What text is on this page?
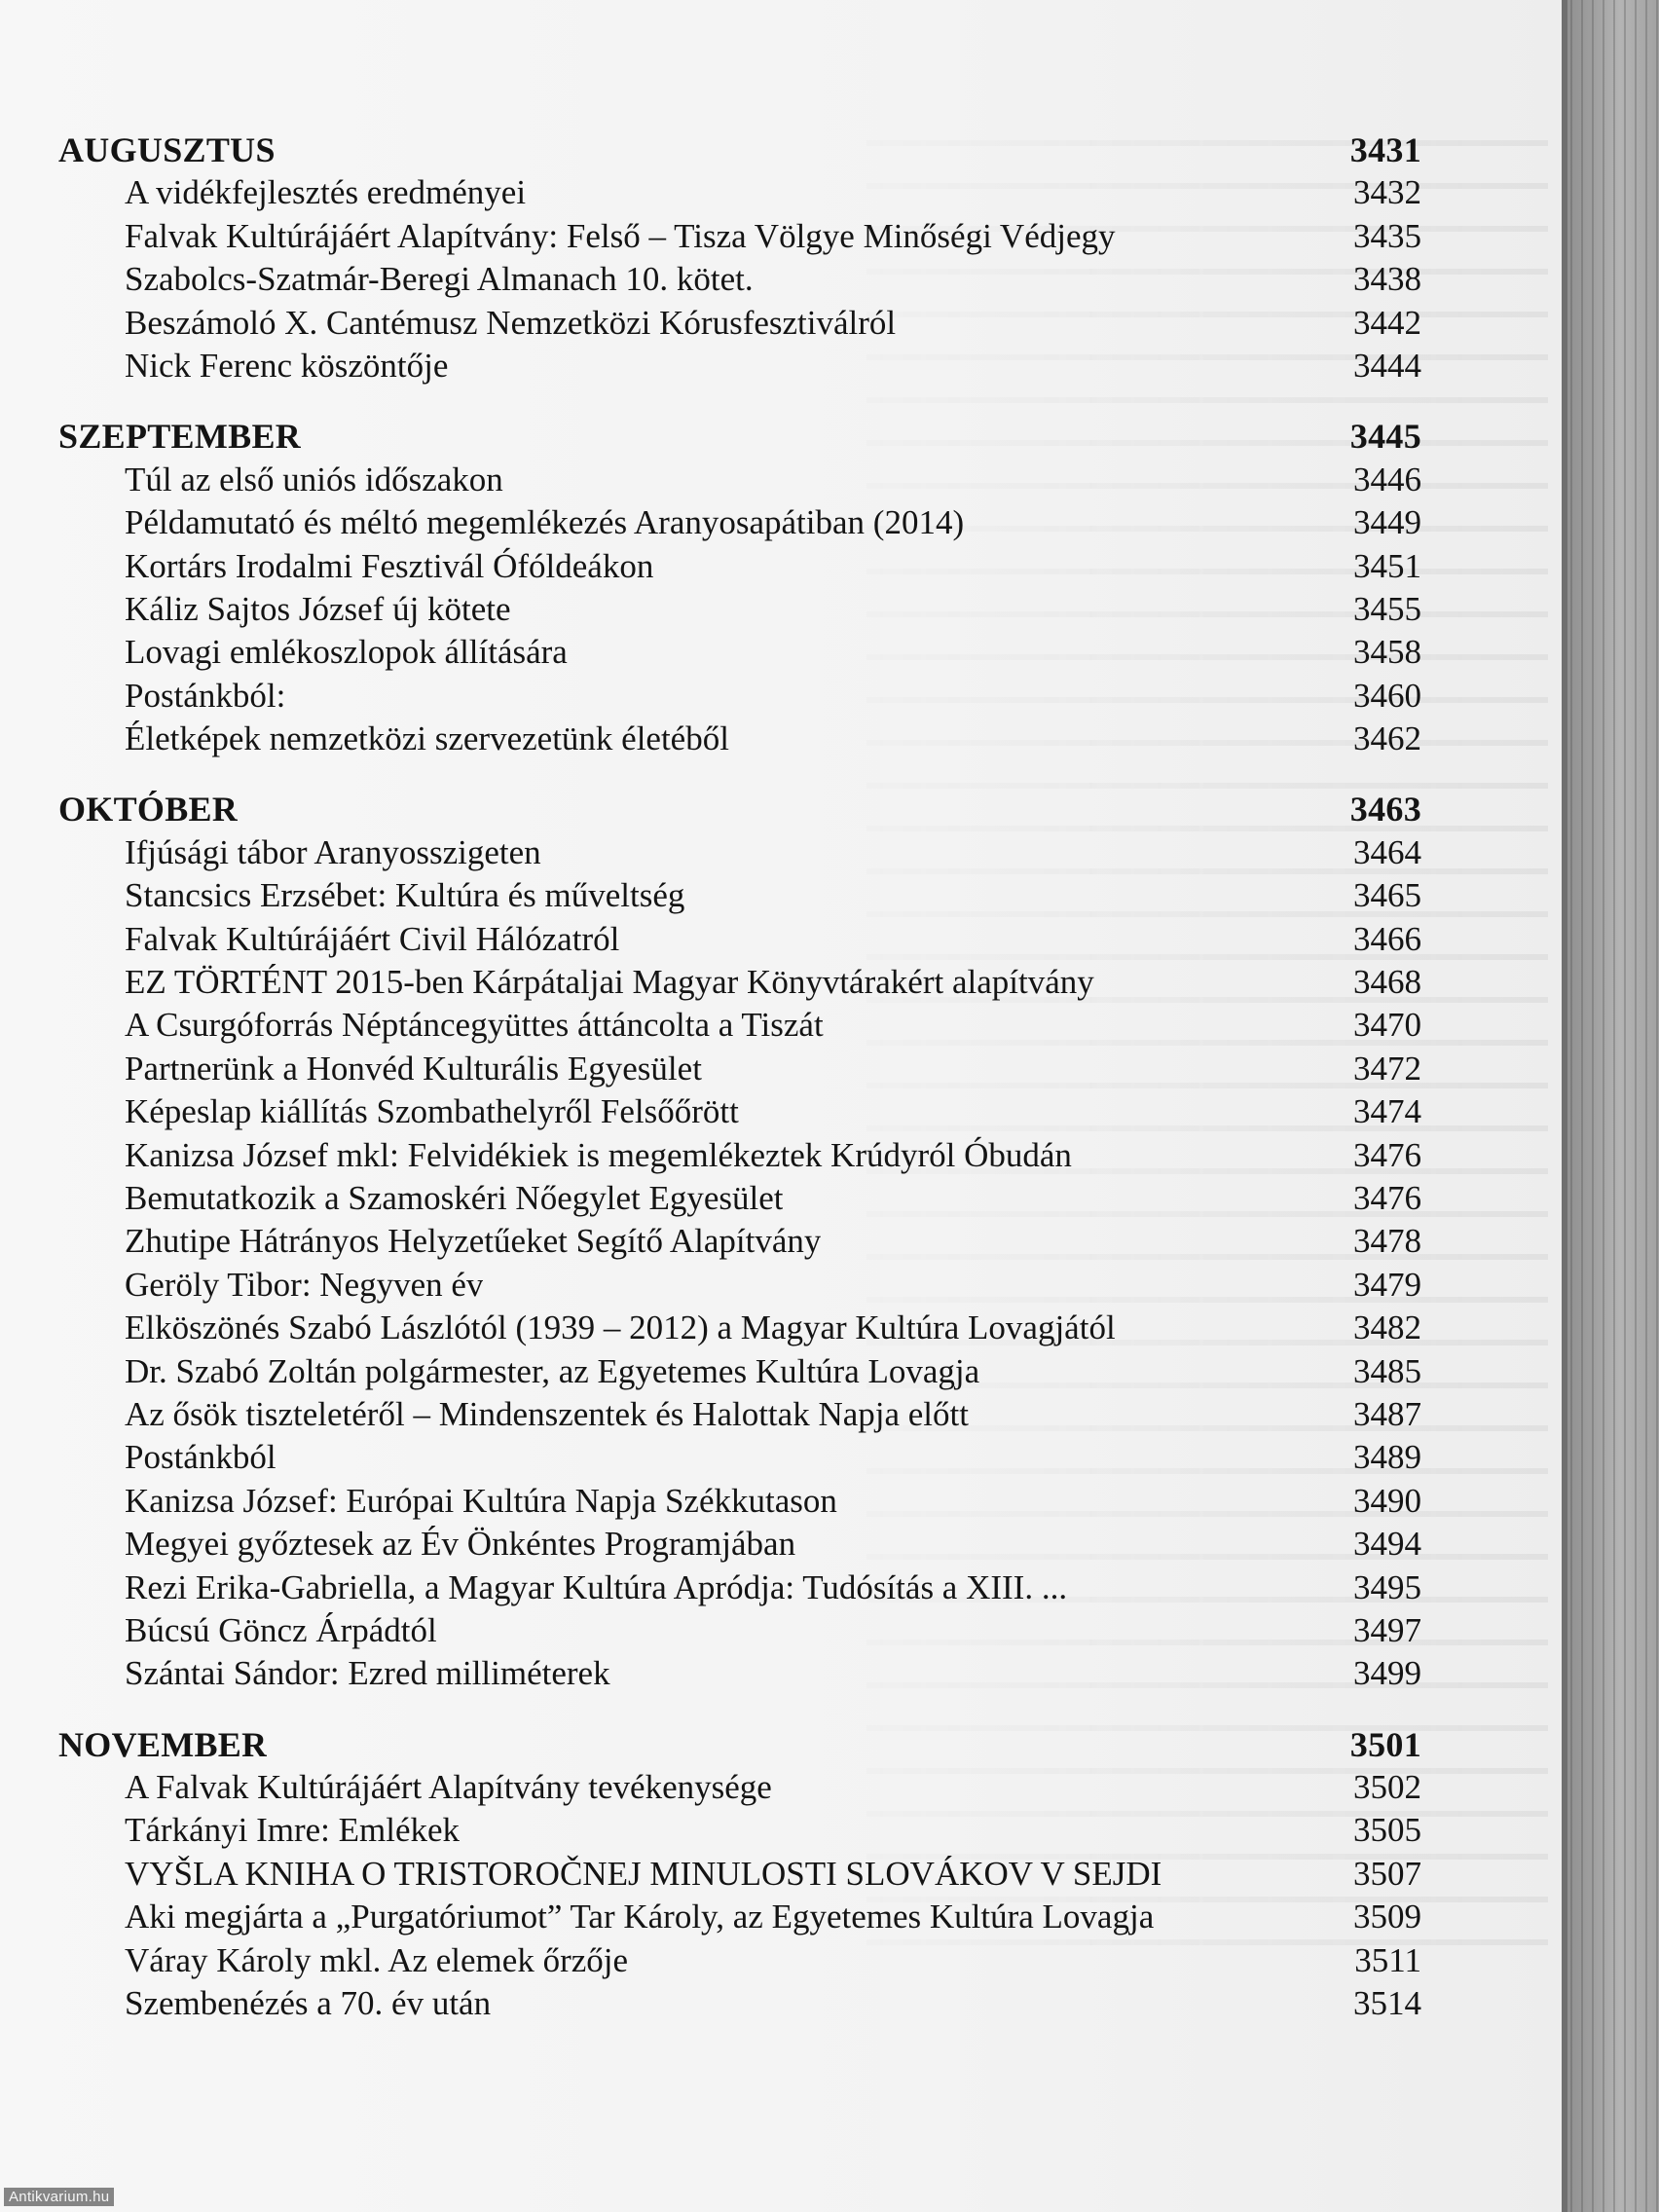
AUGUSZTUS	3431
A vidékfejlesztés eredményei	3432
Falvak Kultúrájáért Alapítvány: Felső – Tisza Völgye Minőségi Védjegy	3435
Szabolcs-Szatmár-Beregi Almanach 10. kötet.	3438
Beszámoló X. Cantémusz Nemzetközi Kórusfesztiválról	3442
Nick Ferenc köszöntője	3444
SZEPTEMBER	3445
Túl az első uniós időszakon	3446
Példamutató és méltó megemlékezés Aranyosapátiban (2014)	3449
Kortárs Irodalmi Fesztivál Ófóldeákon	3451
Káliz Sajtos József új kötete	3455
Lovagi emlékoszlopok állítására	3458
Postánkból:	3460
Életképek nemzetközi szervezetünk életéből	3462
OKTÓBER	3463
Ifjúsági tábor Aranyosszigeten	3464
Stancsics Erzsébet: Kultúra és műveltség	3465
Falvak Kultúrájáért Civil Hálózatról	3466
EZ TÖRTÉNT 2015-ben Kárpátaljai Magyar Könyvtárakért alapítvány	3468
A Csurgóforrás Néptáncegyüttes áttáncolta a Tiszát	3470
Partnerünk a Honvéd Kulturális Egyesület	3472
Képeslap kiállítás Szombathelyről Felsőőrött	3474
Kanizsa József mkl: Felvidékiek is megemlékeztek Krúdyról Óbudán	3476
Bemutatkozik a Szamoskéri Nőegylet Egyesület	3476
Zhutipe Hátrányos Helyzetűeket Segítő Alapítvány	3478
Geröly Tibor: Negyven év	3479
Elköszönés Szabó Lászlótól (1939 – 2012) a Magyar Kultúra Lovagjától	3482
Dr. Szabó Zoltán polgármester, az Egyetemes Kultúra Lovagja	3485
Az ősök tiszteletéről – Mindenszentek és Halottak Napja előtt	3487
Postánkból	3489
Kanizsa József: Európai Kultúra Napja Székkutason	3490
Megyei győztesek az Év Önkéntes Programjában	3494
Rezi Erika-Gabriella, a Magyar Kultúra Apródja: Tudósítás a XIII. ...	3495
Búcsú Göncz Árpádtól	3497
Szántai Sándor: Ezred milliméterek	3499
NOVEMBER	3501
A Falvak Kultúrájáért Alapítvány tevékenysége	3502
Tárkányi Imre: Emlékek	3505
VYŠLA KNIHA O TRISTOROČNEJ MINULOSTI SLOVÁKOV V SEJDI	3507
Aki megjárta a „Purgatóriumot” Tar Károly, az Egyetemes Kultúra Lovagja	3509
Váray Károly mkl. Az elemek őrzője	3511
Szembenézés a 70. év után	3514
Antikvarium.hu
